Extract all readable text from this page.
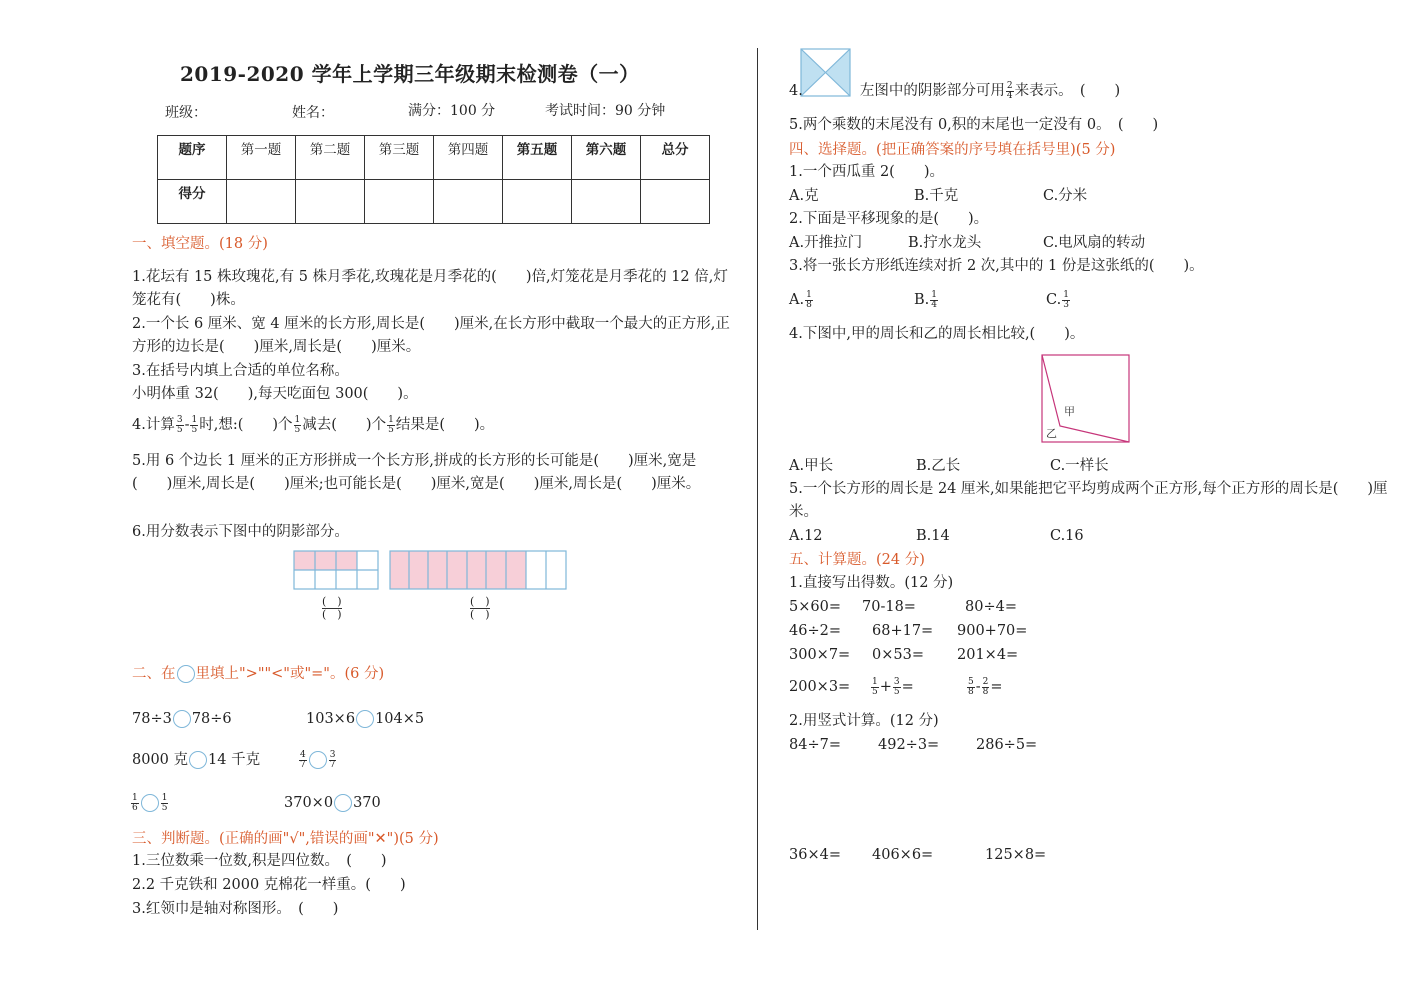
2019-2020 学年上学期三年级期末检测卷（一）
班级：	姓名：	满分：100 分	考试时间：90 分钟
题序	第一题	第二题	第三题	第四题	第五题	第六题	总分
得分							
一、填空题。(18 分)
1.花坛有 15 株玫瑰花,有 5 株月季花,玫瑰花是月季花的(　　)倍,灯笼花是月季花的 12 倍,灯笼花有(　　)株。
2.一个长 6 厘米、宽 4 厘米的长方形,周长是(　　)厘米,在长方形中截取一个最大的正方形,正方形的边长是(　　)厘米,周长是(　　)厘米。
3.在括号内填上合适的单位名称。
小明体重 32(　　),每天吃面包 300(　　)。
4.计算 $\frac{3}{5} - \frac{1}{5}$ 时,想:(　　)个 $\frac{1}{5}$ 减去(　　)个 $\frac{1}{5}$ 结果是(　　)。
5.用 6 个边长 1 厘米的正方形拼成一个长方形,拼成的长方形的长可能是(　　)厘米,宽是(　　)厘米,周长是(　　)厘米;也可能长是(　　)厘米,宽是(　　)厘米,周长是(　　)厘米。
6.用分数表示下图中的阴影部分。
(　)
(　)
(　)
(　)
二、在 里填上">""<"或"="。(6 分)
78÷3 78÷6	103×6 104×5
8000 克 14 千克	$\frac{4}{7} \frac{3}{7}$
$\frac{1}{6} \frac{1}{5}$	370×0 370
三、判断题。(正确的画"√",错误的画"✕")(5 分)
1.三位数乘一位数,积是四位数。　(　　)
2.2 千克铁和 2000 克棉花一样重。(　　)
3.红领巾是轴对称图形。　(　　)
4.	左图中的阴影部分可用 $\frac{2}{4}$ 来表示。　(　　)
5.两个乘数的末尾没有 0,积的末尾也一定没有 0。　(　　)
四、选择题。(把正确答案的序号填在括号里)(5 分)
1.一个西瓜重 2(　　)。
A.克	B.千克	C.分米
2.下面是平移现象的是(　　)。
A.开推拉门	B.拧水龙头	C.电风扇的转动
3.将一张长方形纸连续对折 2 次,其中的 1 份是这张纸的(　　)。
A. $\frac{1}{8}$	B. $\frac{1}{4}$	C. $\frac{1}{3}$
4.下图中,甲的周长和乙的周长相比较,(　　)。
甲
乙
A.甲长	B.乙长	C.一样长
5.一个长方形的周长是 24 厘米,如果能把它平均剪成两个正方形,每个正方形的周长是(　　)厘米。
A.12	B.14	C.16
五、计算题。(24 分)
1.直接写出得数。(12 分)
5×60= 70-18=	80÷4=
46÷2= 68+17= 900+70=
300×7= 0×53= 201×4=
$200\times 3= \frac{1}{5} + \frac{3}{5}$ =	$\frac{5}{8} - \frac{2}{8}$ =
2.用竖式计算。(12 分)
84÷7=	492÷3=	286÷5=
36×4= 406×6=	125×8=
